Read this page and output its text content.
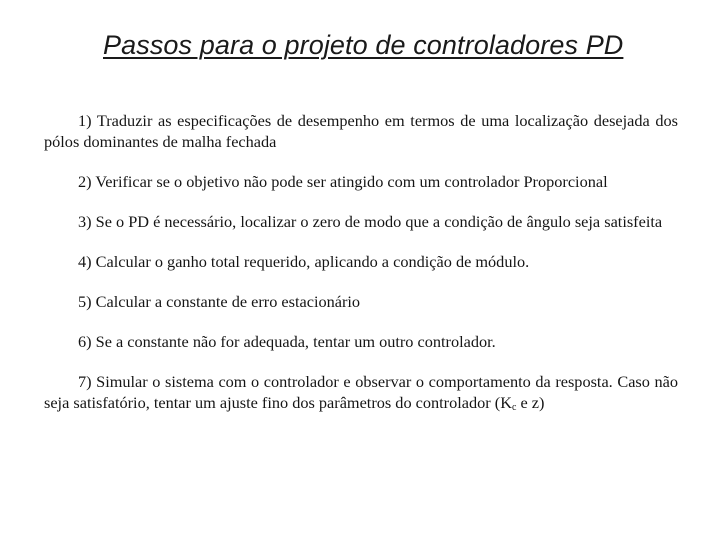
Passos para o projeto de controladores PD
1) Traduzir as especificações de desempenho em termos de uma localização desejada dos pólos dominantes de malha fechada
2) Verificar se o objetivo não pode ser atingido com um controlador Proporcional
3) Se o PD é necessário, localizar o zero de modo que a condição de ângulo seja satisfeita
4) Calcular o ganho total requerido, aplicando a condição de módulo.
5) Calcular a constante de erro estacionário
6) Se a constante não for adequada, tentar um outro controlador.
7) Simular o sistema com o controlador e observar o comportamento da resposta. Caso não seja satisfatório, tentar um ajuste fino dos parâmetros do controlador ($K_c$ e z)
